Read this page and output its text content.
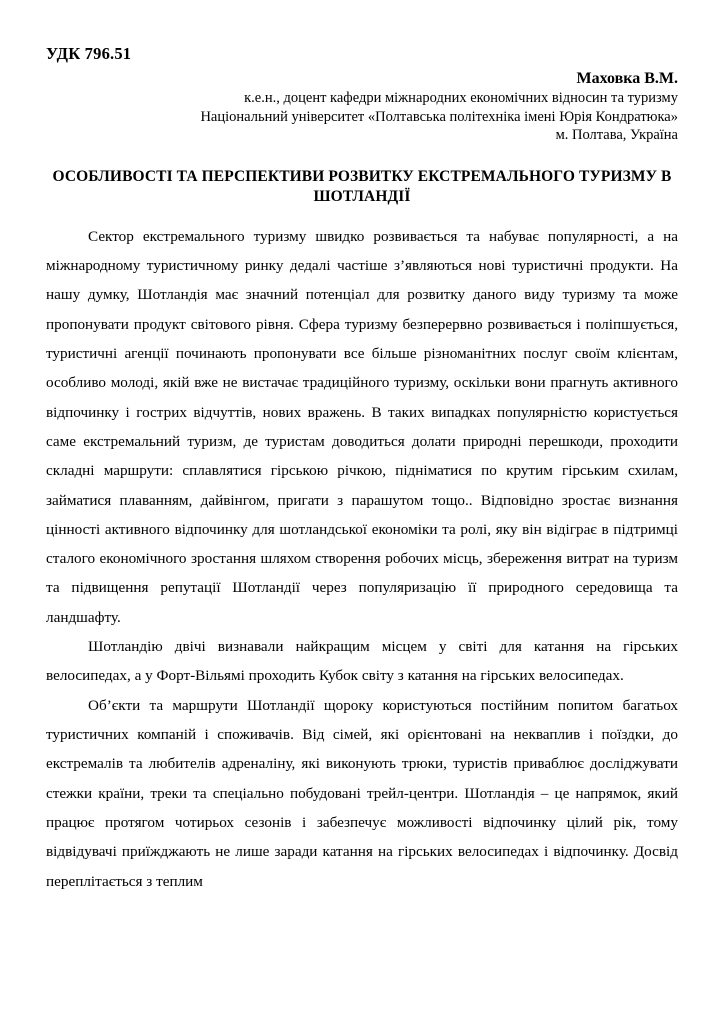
УДК 796.51
Маховка В.М.
к.е.н., доцент кафедри міжнародних економічних відносин та туризму
Національний університет «Полтавська політехніка імені Юрія Кондратюка»
м. Полтава, Україна
ОСОБЛИВОСТІ ТА ПЕРСПЕКТИВИ РОЗВИТКУ ЕКСТРЕМАЛЬНОГО ТУРИЗМУ В ШОТЛАНДІЇ

Сектор екстремального туризму швидко розвивається та набуває популярності, а на міжнародному туристичному ринку дедалі частіше з’являються нові туристичні продукти. На нашу думку, Шотландія має значний потенціал для розвитку даного виду туризму та може пропонувати продукт світового рівня. Сфера туризму безперервно розвивається і поліпшується, туристичні агенції починають пропонувати все більше різноманітних послуг своїм клієнтам, особливо молоді, якій вже не вистачає традиційного туризму, оскільки вони прагнуть активного відпочинку і гострих відчуттів, нових вражень. В таких випадках популярністю користується саме екстремальний туризм, де туристам доводиться долати природні перешкоди, проходити складні маршрути: сплавлятися гірською річкою, підніматися по крутим гірським схилам, займатися плаванням, дайвінгом, пригати з парашутом тощо.. Відповідно зростає визнання цінності активного відпочинку для шотландської економіки та ролі, яку він відіграє в підтримці сталого економічного зростання шляхом створення робочих місць, збереження витрат на туризм та підвищення репутації Шотландії через популяризацію її природного середовища та ландшафту.

Шотландію двічі визнавали найкращим місцем у світі для катання на гірських велосипедах, а у Форт-Вільямі проходить Кубок світу з катання на гірських велосипедах.

Об’єкти та маршрути Шотландії щороку користуються постійним попитом багатьох туристичних компаній і споживачів. Від сімей, які орієнтовані на некваплив і поїздки, до екстремалів та любителів адреналіну, які виконують трюки, туристів приваблює досліджувати стежки країни, треки та спеціально побудовані трейл-центри. Шотландія – це напрямок, який працює протягом чотирьох сезонів і забезпечує можливості відпочинку цілий рік, тому відвідувачі приїжджають не лише заради катання на гірських велосипедах і відпочинку. Досвід переплітається з теплим
